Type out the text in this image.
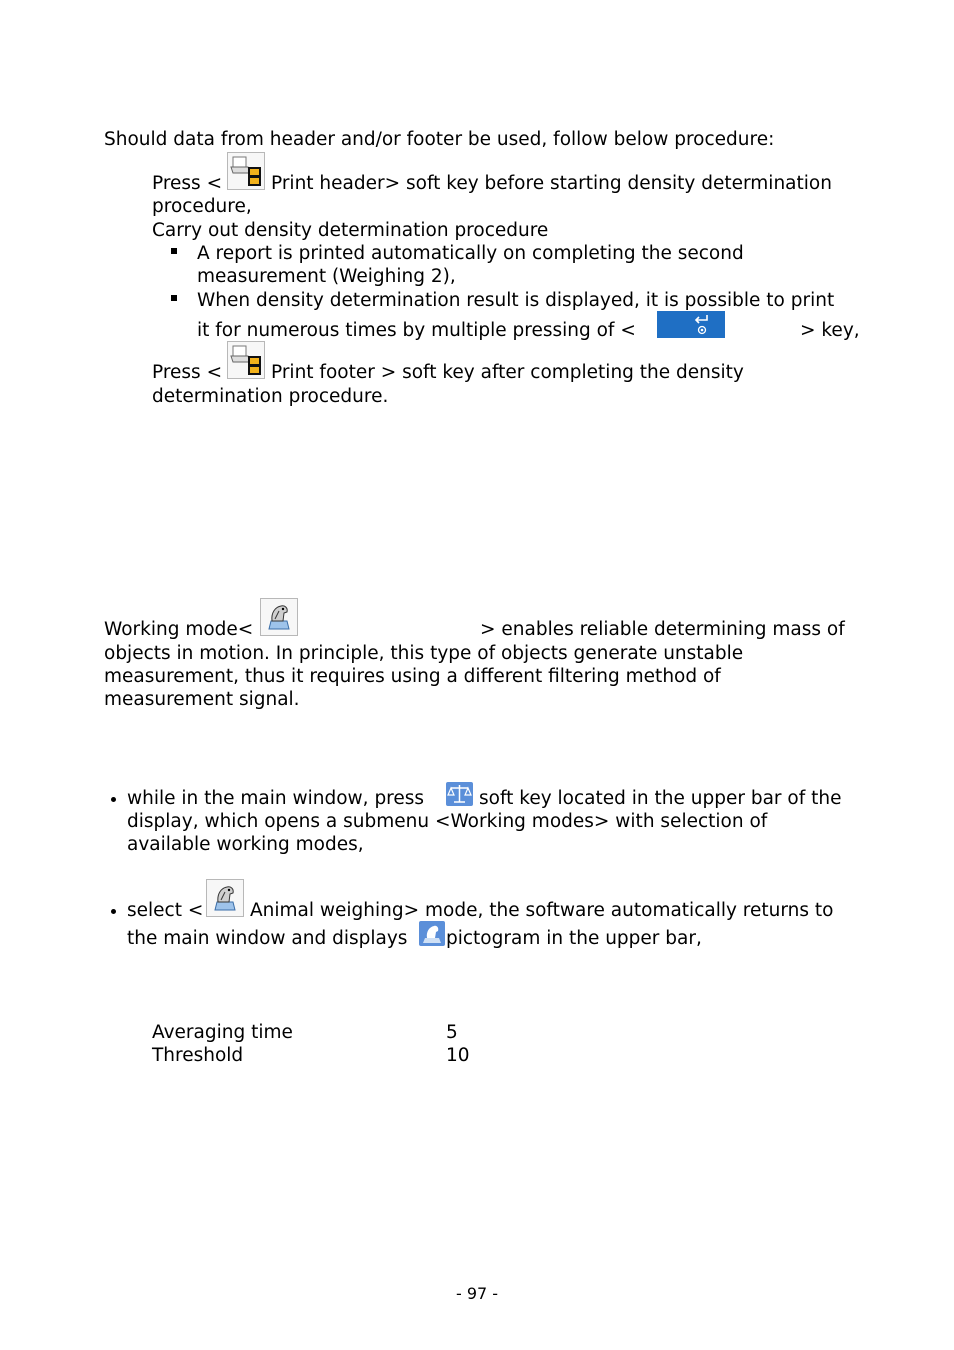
Should data from header and/or footer be used, follow below procedure:
Press <	Print header> soft key before starting density determination
procedure,
Carry out density determination procedure
A report is printed automatically on completing the second
measurement (Weighing 2),
When density determination result is displayed, it is possible to print
it for numerous times by multiple pressing of <	> key,
Press <	Print footer > soft key after completing the density
determination procedure.
Working mode<	> enables reliable determining mass of
objects in motion. In principle, this type of objects generate unstable
measurement, thus it requires using a different filtering method of
measurement signal.
while in the main window, press	soft key located in the upper bar of the
display, which opens a submenu <Working modes> with selection of
available working modes,
select <	Animal weighing> mode, the software automatically returns to
the main window and displays pictogram in the upper bar,
Averaging time	5
Threshold	10
- 97 -
